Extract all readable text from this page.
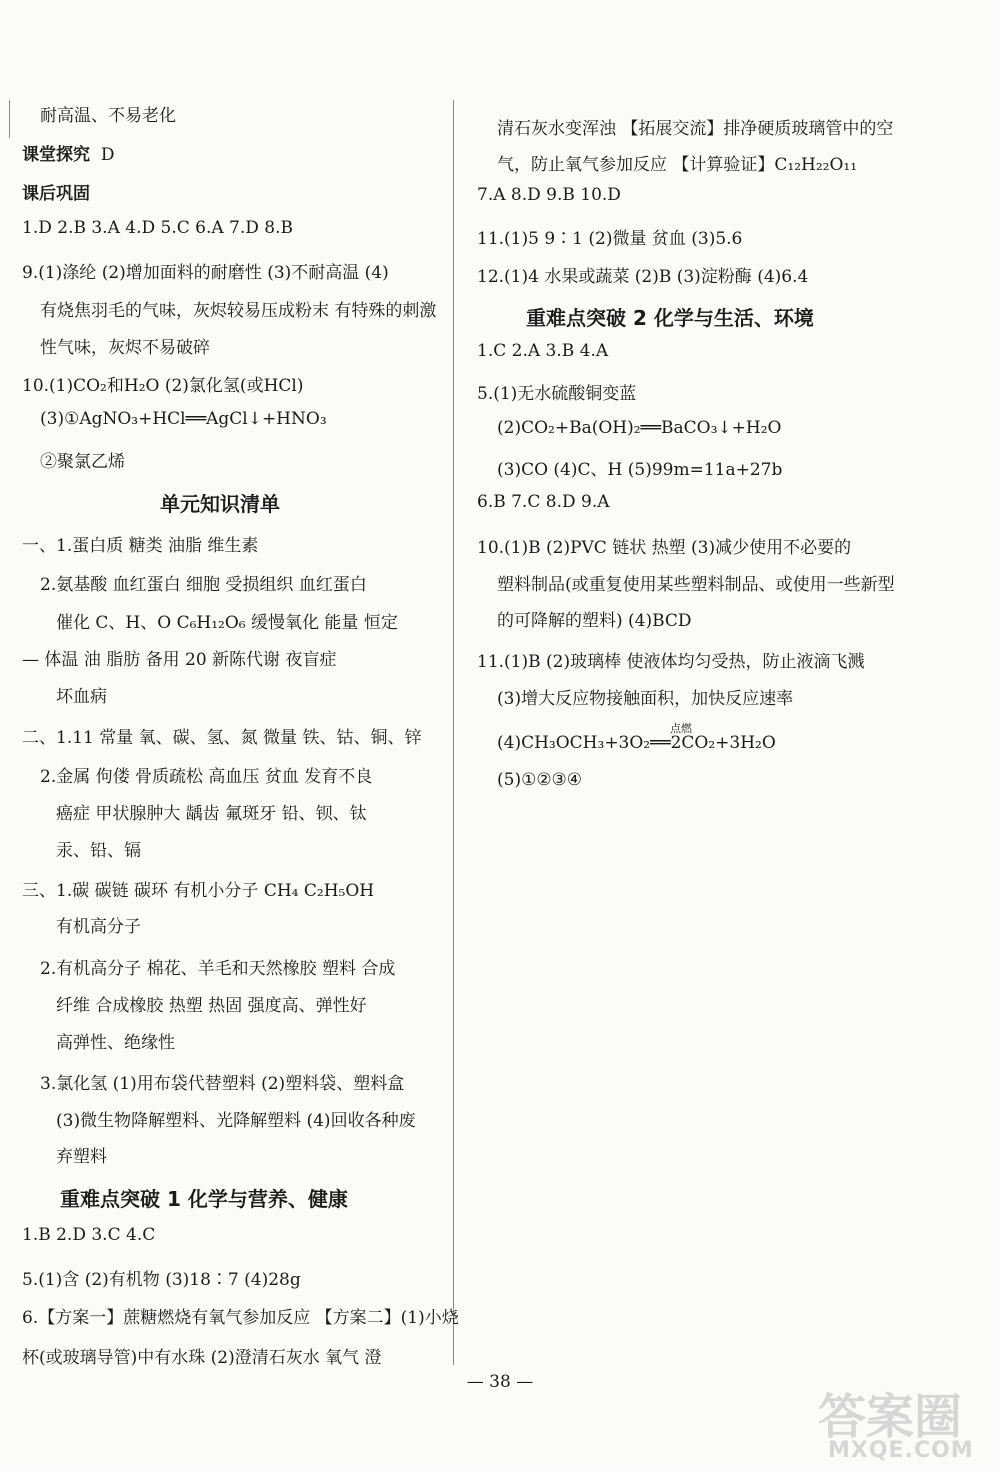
耐高温、不易老化
课堂探究 D
课后巩固
1.D 2.B 3.A 4.D 5.C 6.A 7.D 8.B
9.(1)涤纶 (2)增加面料的耐磨性 (3)不耐高温 (4)
有烧焦羽毛的气味，灰烬较易压成粉末 有特殊的刺激
性气味，灰烬不易破碎
10.(1)CO₂和H₂O (2)氯化氢(或HCl)
(3)①AgNO₃+HCl══AgCl↓+HNO₃
②聚氯乙烯
单元知识清单
一、1.蛋白质 糖类 油脂 维生素
2.氨基酸 血红蛋白 细胞 受损组织 血红蛋白
催化 C、H、O C₆H₁₂O₆ 缓慢氧化 能量 恒定
— 体温 油 脂肪 备用 20 新陈代谢 夜盲症
坏血病
二、1.11 常量 氧、碳、氢、氮 微量 铁、钴、铜、锌
2.金属 佝偻 骨质疏松 高血压 贫血 发育不良
癌症 甲状腺肿大 龋齿 氟斑牙 铅、钡、钛
汞、铅、镉
三、1.碳 碳链 碳环 有机小分子 CH₄ C₂H₅OH
有机高分子
2.有机高分子 棉花、羊毛和天然橡胶 塑料 合成
纤维 合成橡胶 热塑 热固 强度高、弹性好
高弹性、绝缘性
3.氯化氢 (1)用布袋代替塑料 (2)塑料袋、塑料盒
(3)微生物降解塑料、光降解塑料 (4)回收各种废
弃塑料
重难点突破 1 化学与营养、健康
1.B 2.D 3.C 4.C
5.(1)含 (2)有机物 (3)18∶7 (4)28g
6.【方案一】蔗糖燃烧有氧气参加反应 【方案二】(1)小烧
杯(或玻璃导管)中有水珠 (2)澄清石灰水 氧气 澄
清石灰水变浑浊 【拓展交流】排净硬质玻璃管中的空
气，防止氧气参加反应 【计算验证】C₁₂H₂₂O₁₁
7.A 8.D 9.B 10.D
11.(1)5 9∶1 (2)微量 贫血 (3)5.6
12.(1)4 水果或蔬菜 (2)B (3)淀粉酶 (4)6.4
重难点突破 2 化学与生活、环境
1.C 2.A 3.B 4.A
5.(1)无水硫酸铜变蓝
(2)CO₂+Ba(OH)₂══BaCO₃↓+H₂O
(3)CO (4)C、H (5)99m=11a+27b
6.B 7.C 8.D 9.A
10.(1)B (2)PVC 链状 热塑 (3)减少使用不必要的
塑料制品(或重复使用某些塑料制品、或使用一些新型
的可降解的塑料) (4)BCD
11.(1)B (2)玻璃棒 使液体均匀受热，防止液滴飞溅
(3)增大反应物接触面积，加快反应速率
点燃
(4)CH₃OCH₃+3O₂══2CO₂+3H₂O
(5)①②③④
— 38 —
答案圈
MXQE.COM
